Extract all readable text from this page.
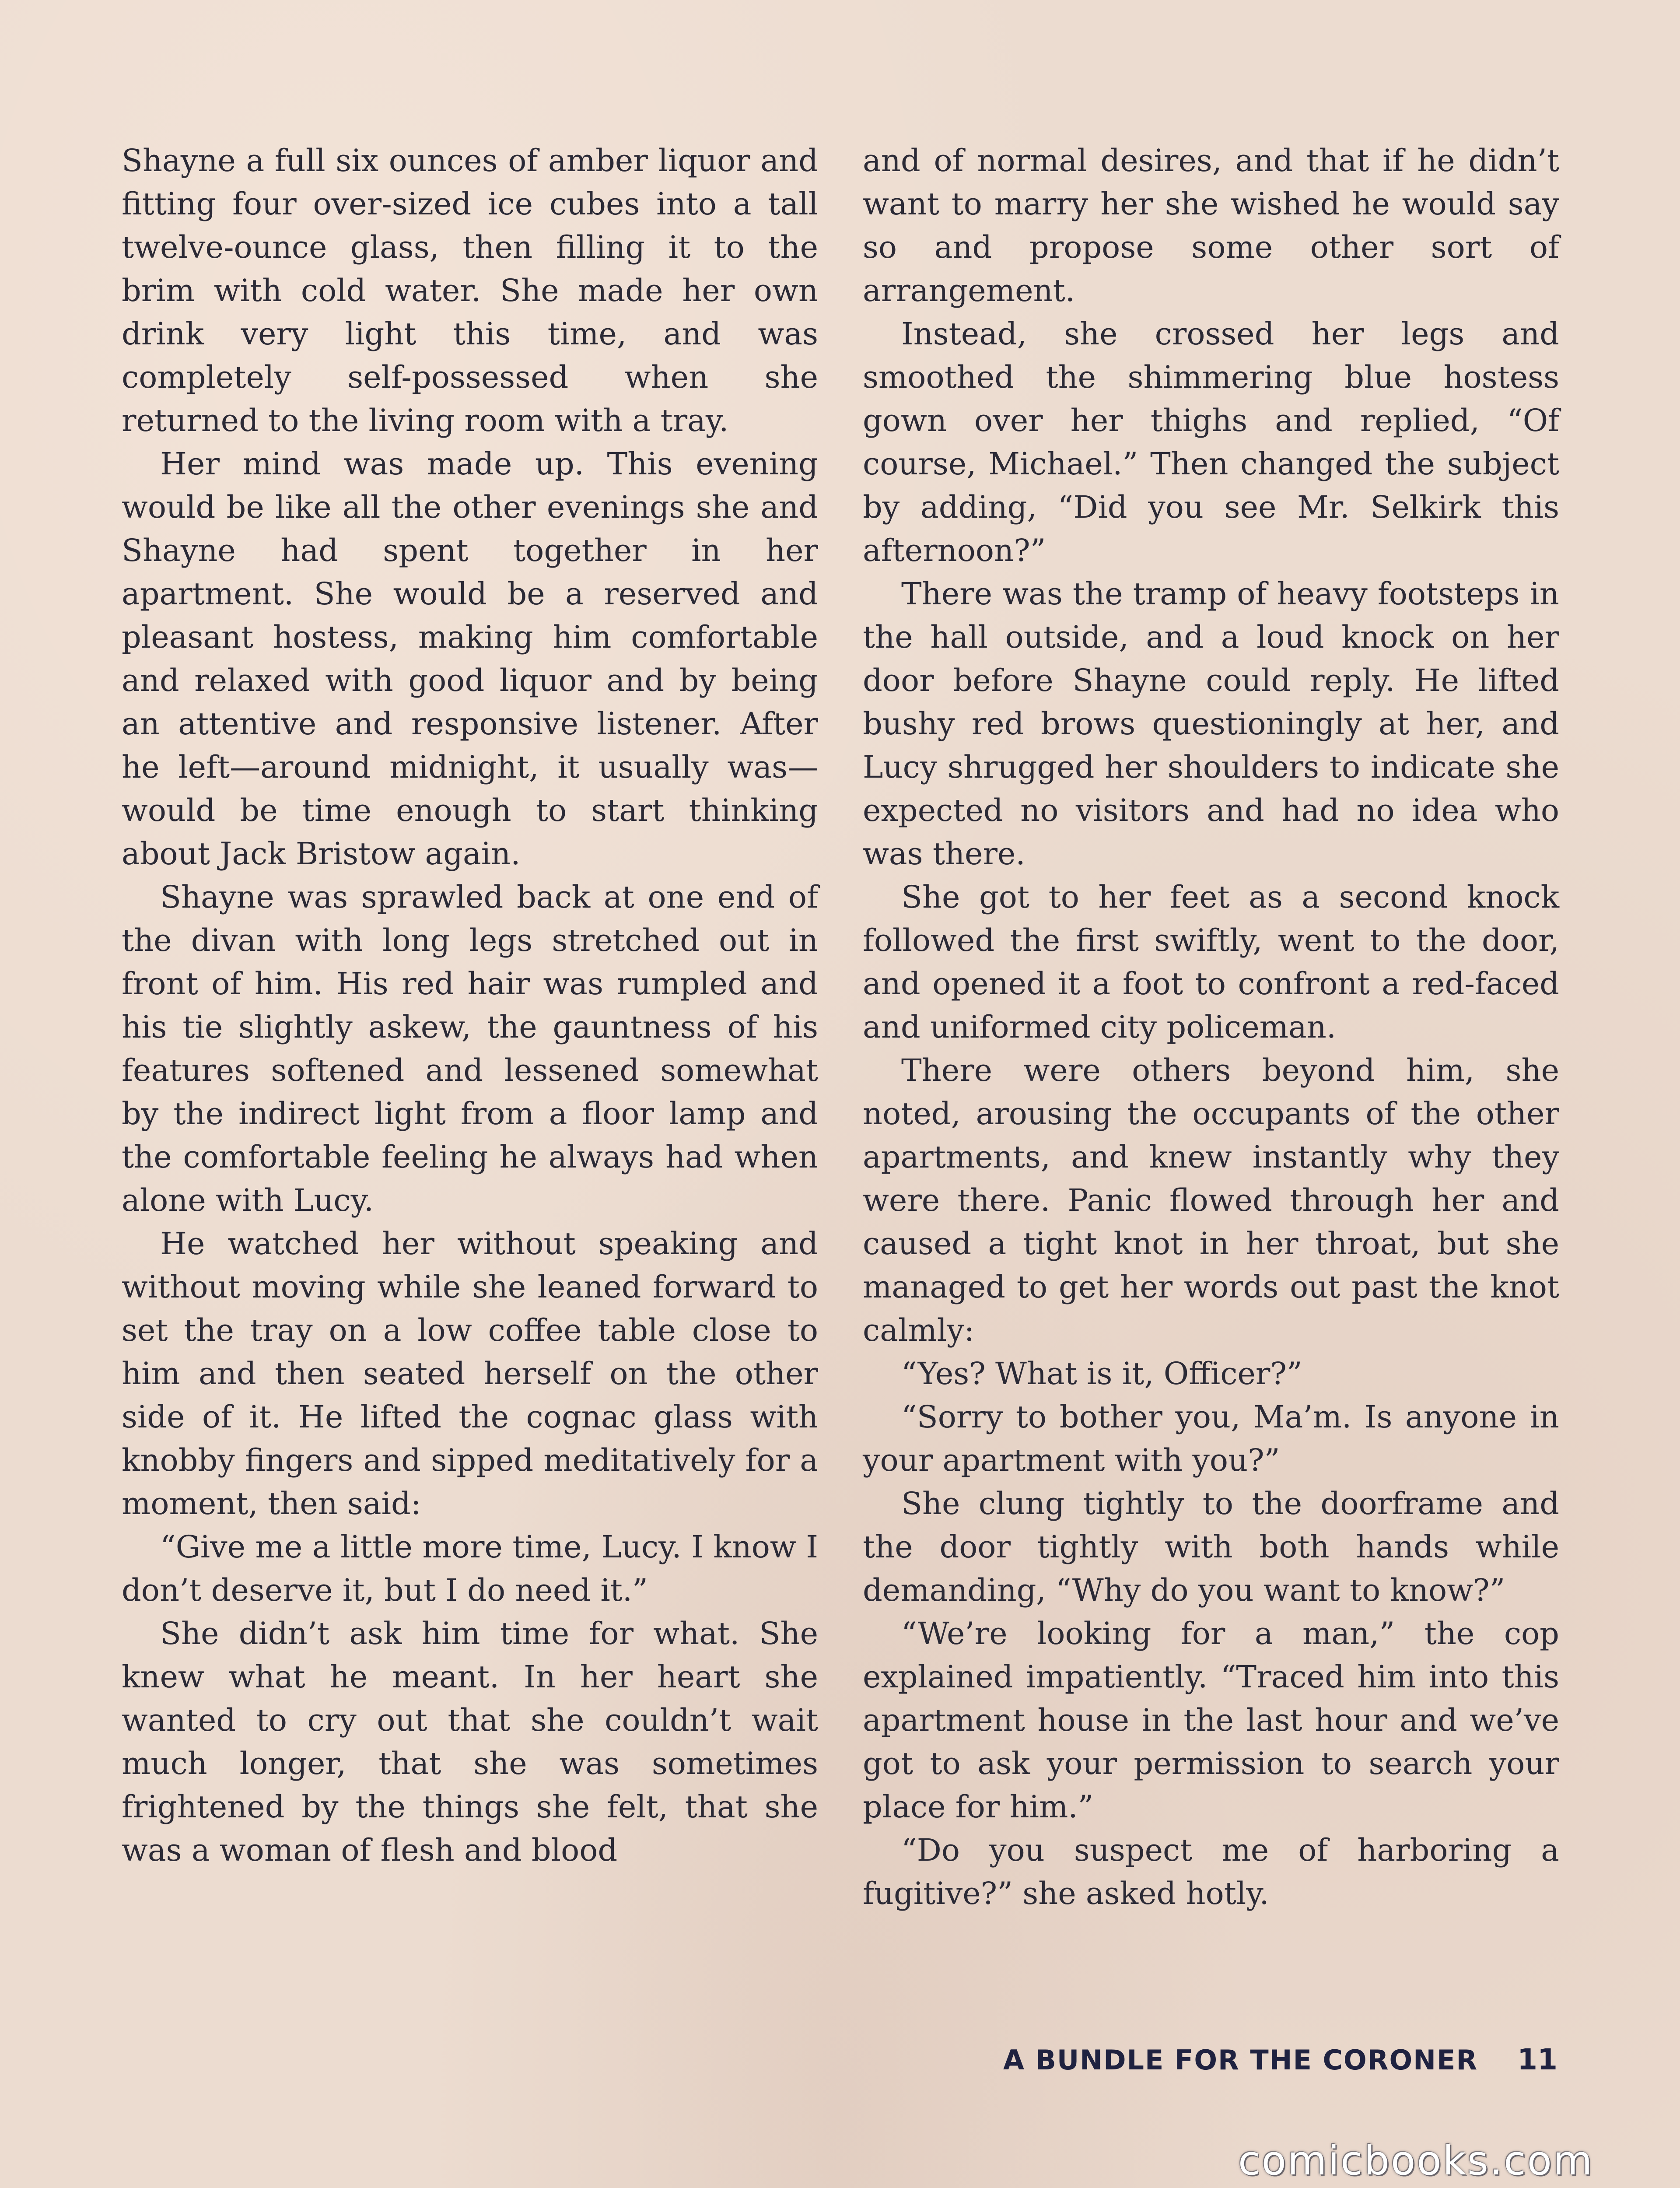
Shayne a full six ounces of amber liquor and fitting four over-sized ice cubes into a tall twelve-ounce glass, then filling it to the brim with cold water. She made her own drink very light this time, and was completely self-possessed when she returned to the living room with a tray.

Her mind was made up. This evening would be like all the other evenings she and Shayne had spent together in her apartment. She would be a reserved and pleasant hostess, making him comfortable and relaxed with good liquor and by being an attentive and responsive listener. After he left—around midnight, it usually was—would be time enough to start thinking about Jack Bristow again.

Shayne was sprawled back at one end of the divan with long legs stretched out in front of him. His red hair was rumpled and his tie slightly askew, the gauntness of his features softened and lessened somewhat by the indirect light from a floor lamp and the comfortable feeling he always had when alone with Lucy.

He watched her without speaking and without moving while she leaned forward to set the tray on a low coffee table close to him and then seated herself on the other side of it. He lifted the cognac glass with knobby fingers and sipped meditatively for a moment, then said:

“Give me a little more time, Lucy. I know I don’t deserve it, but I do need it.”

She didn’t ask him time for what. She knew what he meant. In her heart she wanted to cry out that she couldn’t wait much longer, that she was sometimes frightened by the things she felt, that she was a woman of flesh and blood

and of normal desires, and that if he didn’t want to marry her she wished he would say so and propose some other sort of arrangement.

Instead, she crossed her legs and smoothed the shimmering blue hostess gown over her thighs and replied, “Of course, Michael.” Then changed the subject by adding, “Did you see Mr. Selkirk this afternoon?”

There was the tramp of heavy footsteps in the hall outside, and a loud knock on her door before Shayne could reply. He lifted bushy red brows questioningly at her, and Lucy shrugged her shoulders to indicate she expected no visitors and had no idea who was there.

She got to her feet as a second knock followed the first swiftly, went to the door, and opened it a foot to confront a red-faced and uniformed city policeman.

There were others beyond him, she noted, arousing the occupants of the other apartments, and knew instantly why they were there. Panic flowed through her and caused a tight knot in her throat, but she managed to get her words out past the knot calmly:

“Yes? What is it, Officer?”

“Sorry to bother you, Ma’m. Is anyone in your apartment with you?”

She clung tightly to the doorframe and the door tightly with both hands while demanding, “Why do you want to know?”

“We’re looking for a man,” the cop explained impatiently. “Traced him into this apartment house in the last hour and we’ve got to ask your permission to search your place for him.”

“Do you suspect me of harboring a fugitive?” she asked hotly.

A BUNDLE FOR THE CORONER 11
comicbooks.com
